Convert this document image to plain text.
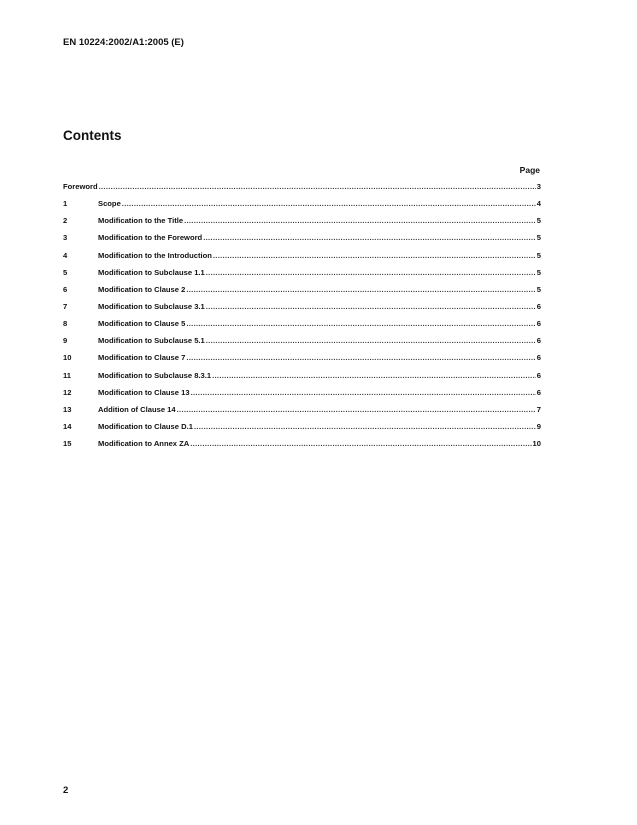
EN 10224:2002/A1:2005 (E)
Contents
Page
Foreword .....	3
1	Scope .....	4
2	Modification to the Title .....	5
3	Modification to the Foreword .....	5
4	Modification to the Introduction .....	5
5	Modification to Subclause 1.1 .....	5
6	Modification to Clause 2 .....	5
7	Modification to Subclause 3.1 .....	6
8	Modification to Clause 5 .....	6
9	Modification to Subclause 5.1 .....	6
10	Modification to Clause 7 .....	6
11	Modification to Subclause 8.3.1 .....	6
12	Modification to Clause 13 .....	6
13	Addition of Clause 14 .....	7
14	Modification to Clause D.1 .....	9
15	Modification to Annex ZA .....	10
2
